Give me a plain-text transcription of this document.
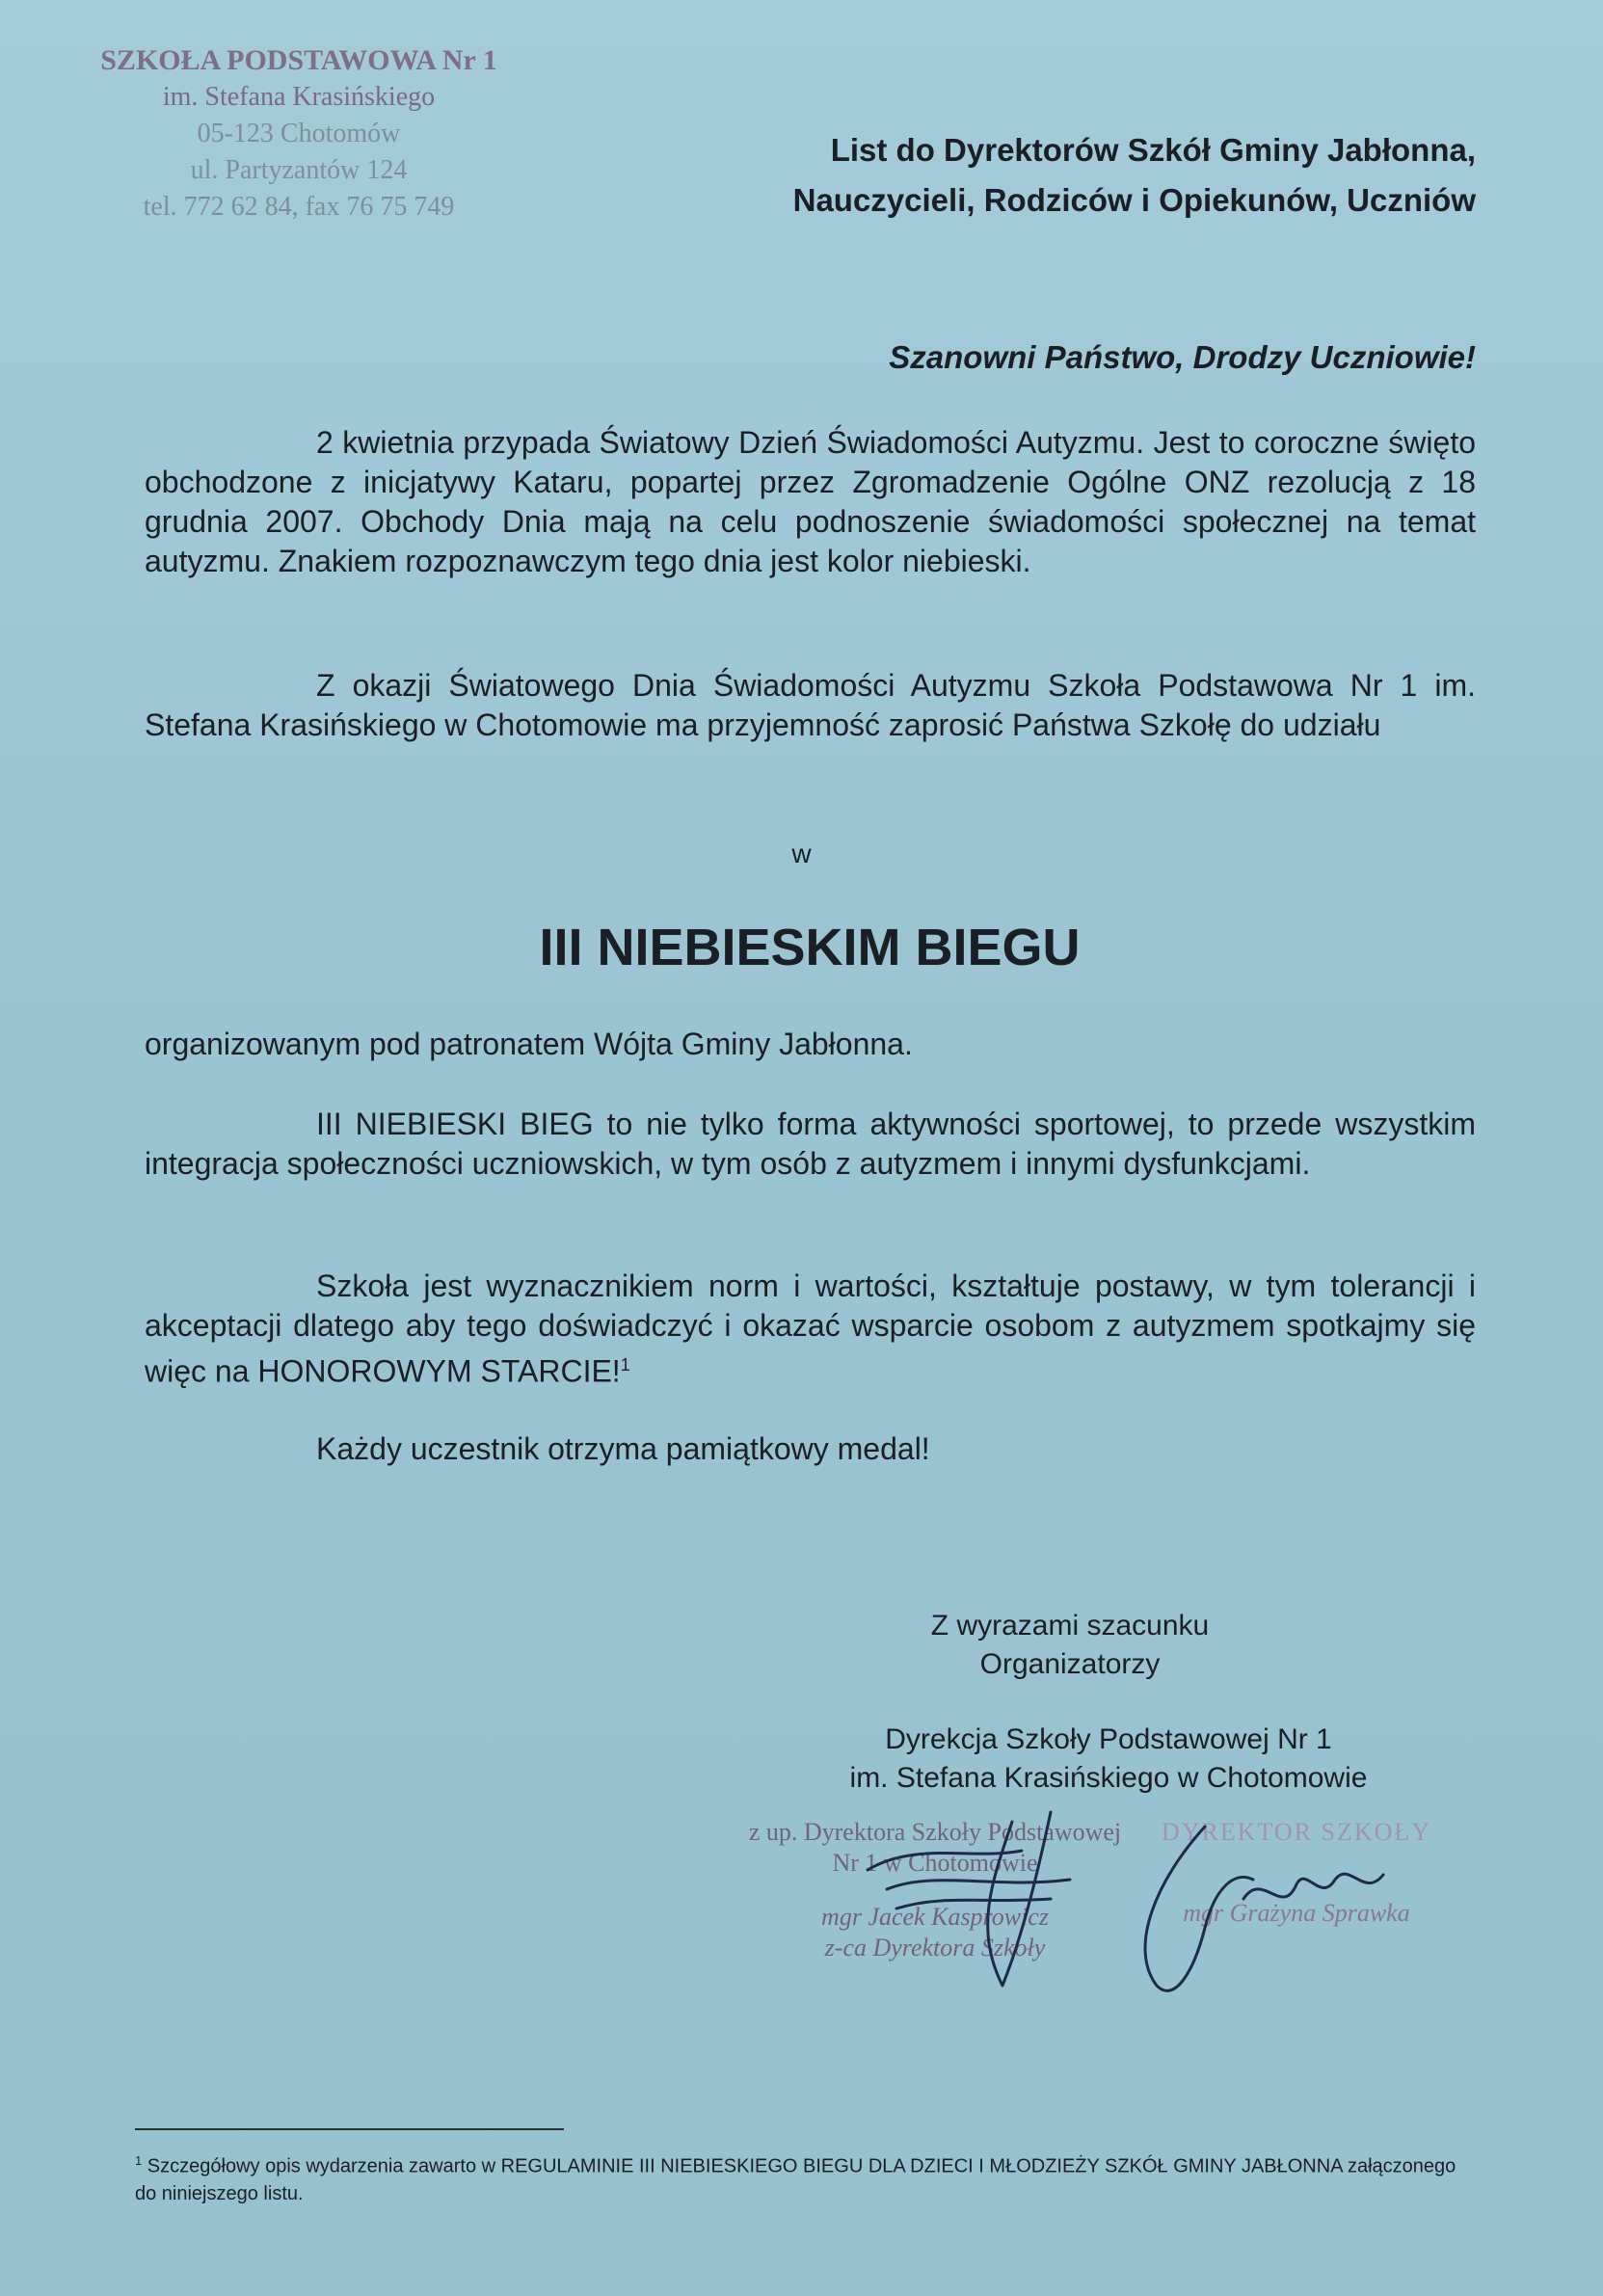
SZKOŁA PODSTAWOWA Nr 1
im. Stefana Krasińskiego
05-123 Chotomów
ul. Partyzantów 124
tel. 772 62 84, fax 76 75 749
List do Dyrektorów Szkół Gminy Jabłonna,
Nauczycieli, Rodziców i Opiekunów, Uczniów
Szanowni Państwo, Drodzy Uczniowie!

2 kwietnia przypada Światowy Dzień Świadomości Autyzmu. Jest to coroczne święto obchodzone z inicjatywy Kataru, popartej przez Zgromadzenie Ogólne ONZ rezolucją z 18 grudnia 2007. Obchody Dnia mają na celu podnoszenie świadomości społecznej na temat autyzmu. Znakiem rozpoznawczym tego dnia jest kolor niebieski.

Z okazji Światowego Dnia Świadomości Autyzmu Szkoła Podstawowa Nr 1 im. Stefana Krasińskiego w Chotomowie ma przyjemność zaprosić Państwa Szkołę do udziału

w
III NIEBIESKIM BIEGU

organizowanym pod patronatem Wójta Gminy Jabłonna.

III NIEBIESKI BIEG to nie tylko forma aktywności sportowej, to przede wszystkim integracja społeczności uczniowskich, w tym osób z autyzmem i innymi dysfunkcjami.

Szkoła jest wyznacznikiem norm i wartości, kształtuje postawy, w tym tolerancji i akceptacji dlatego aby tego doświadczyć i okazać wsparcie osobom z autyzmem spotkajmy się więc na HONOROWYM STARCIE!$^1$

Każdy uczestnik otrzyma pamiątkowy medal!

Z wyrazami szacunku
Organizatorzy
Dyrekcja Szkoły Podstawowej Nr 1
im. Stefana Krasińskiego w Chotomowie
z up. Dyrektora Szkoły Podstawowej
Nr 1 w Chotomowie
mgr Jacek Kasprowicz
z-ca Dyrektora Szkoły
DYREKTOR SZKOŁY
mgr Grażyna Sprawka
$^1$ Szczegółowy opis wydarzenia zawarto w REGULAMINIE III NIEBIESKIEGO BIEGU DLA DZIECI I MŁODZIEŻY SZKÓŁ GMINY JABŁONNA załączonego do niniejszego listu.
